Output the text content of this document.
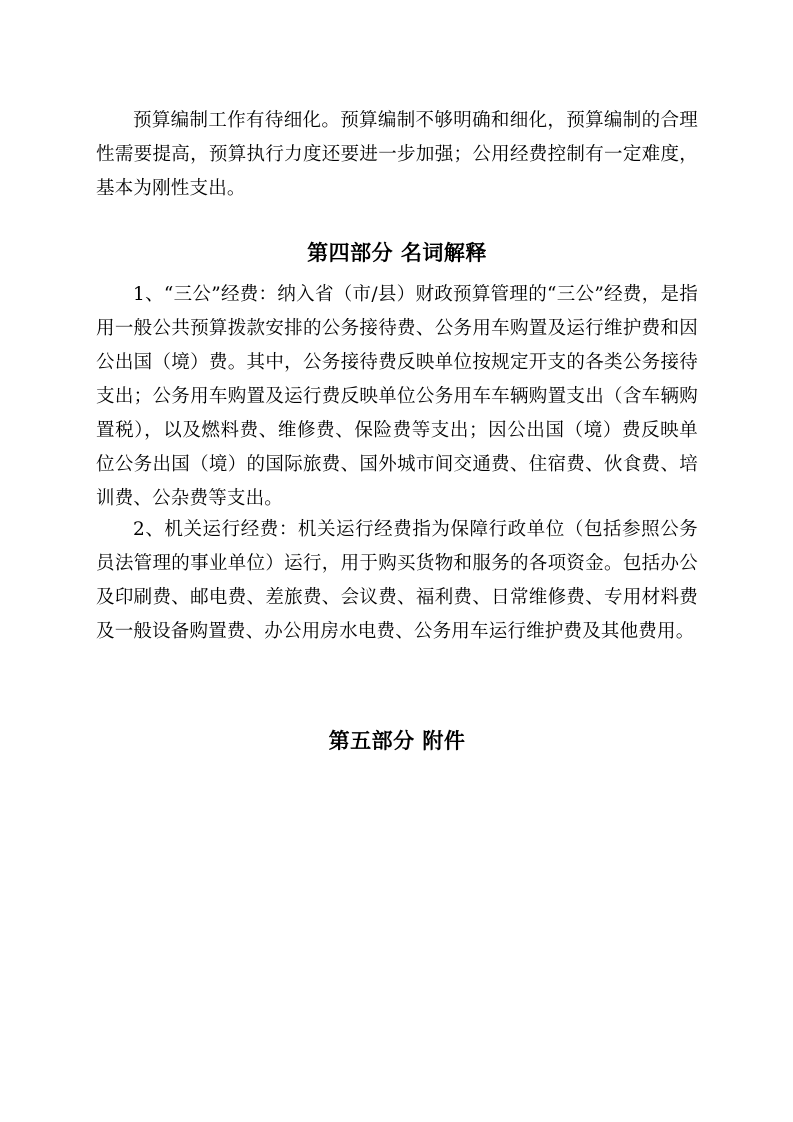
预算编制工作有待细化。预算编制不够明确和细化，预算编制的合理性需要提高，预算执行力度还要进一步加强；公用经费控制有一定难度，基本为刚性支出。

第四部分 名词解释

1、“三公”经费：纳入省（市/县）财政预算管理的“三公”经费，是指用一般公共预算拨款安排的公务接待费、公务用车购置及运行维护费和因公出国（境）费。其中，公务接待费反映单位按规定开支的各类公务接待支出；公务用车购置及运行费反映单位公务用车车辆购置支出（含车辆购置税），以及燃料费、维修费、保险费等支出；因公出国（境）费反映单位公务出国（境）的国际旅费、国外城市间交通费、住宿费、伙食费、培训费、公杂费等支出。

2、机关运行经费：机关运行经费指为保障行政单位（包括参照公务员法管理的事业单位）运行，用于购买货物和服务的各项资金。包括办公及印刷费、邮电费、差旅费、会议费、福利费、日常维修费、专用材料费及一般设备购置费、办公用房水电费、公务用车运行维护费及其他费用。

第五部分 附件
